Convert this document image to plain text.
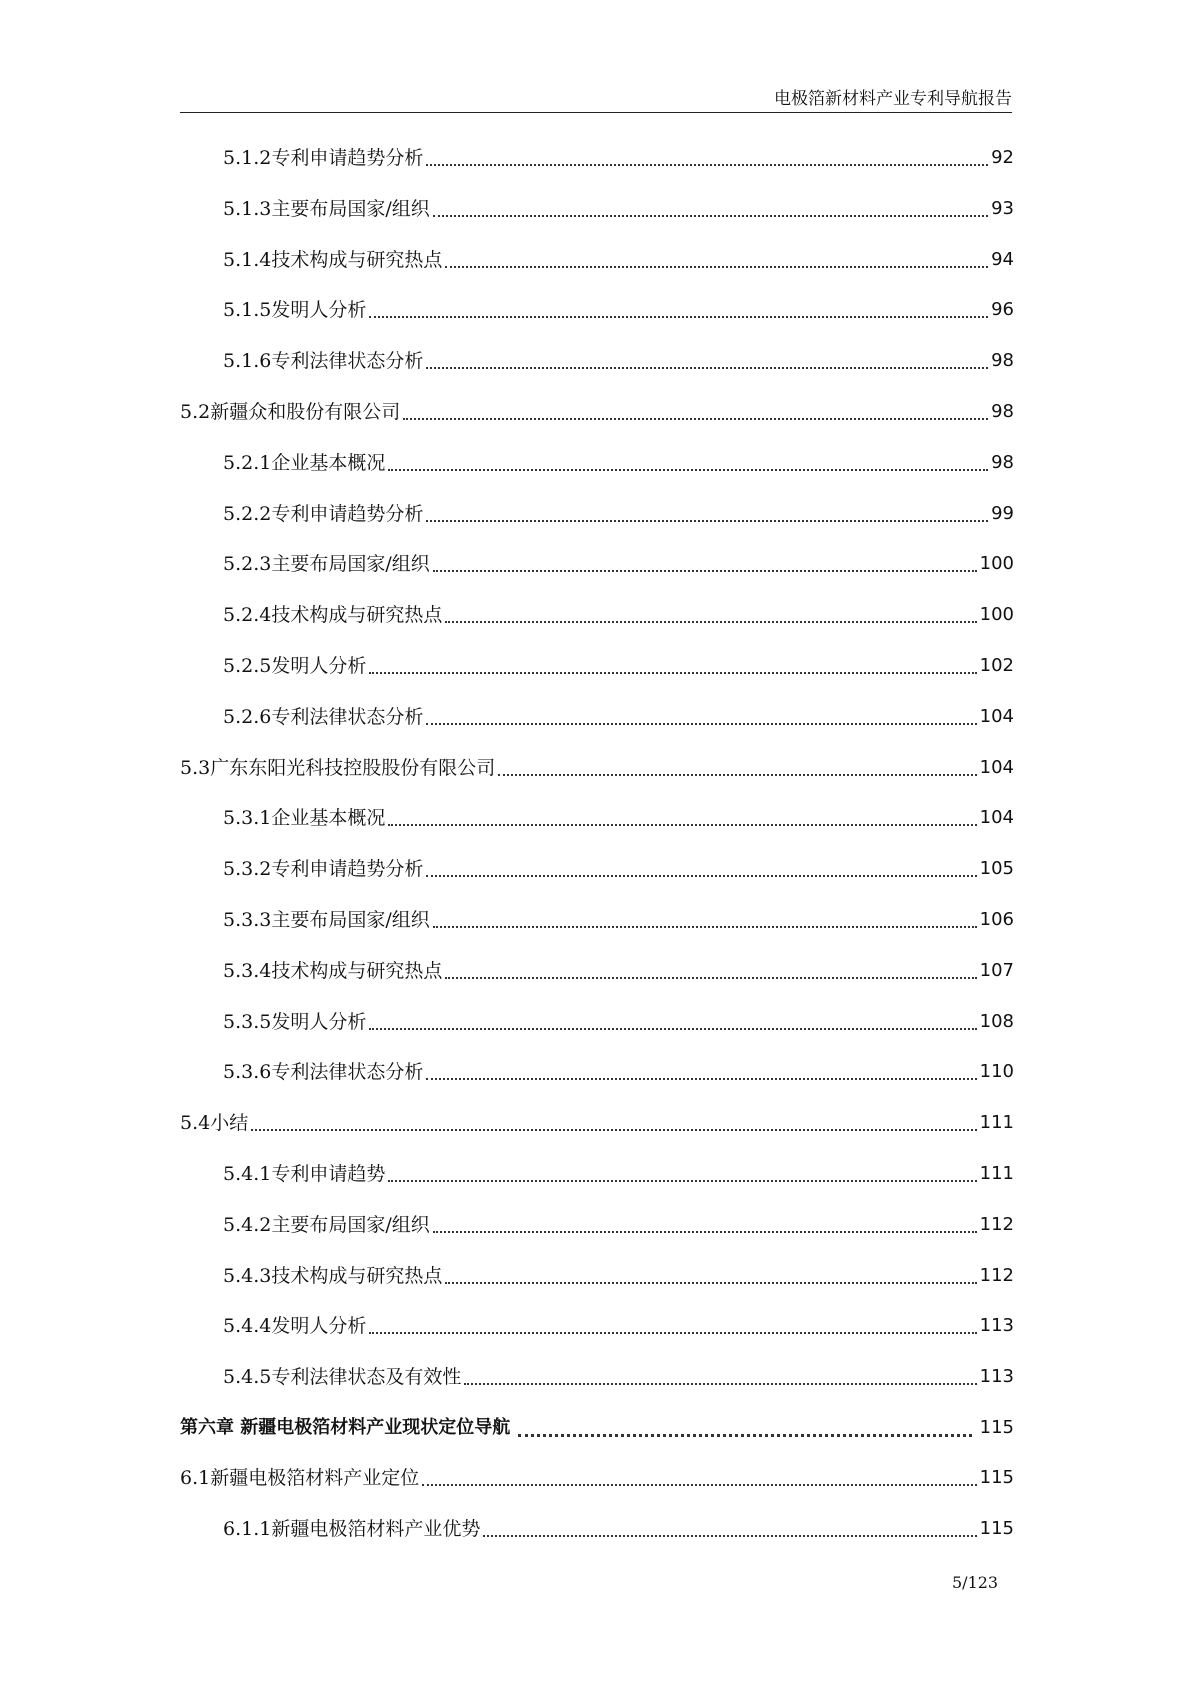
电极箔新材料产业专利导航报告
5.1.2专利申请趋势分析	92
5.1.3主要布局国家/组织	93
5.1.4技术构成与研究热点	94
5.1.5发明人分析	96
5.1.6专利法律状态分析	98
5.2新疆众和股份有限公司	98
5.2.1企业基本概况	98
5.2.2专利申请趋势分析	99
5.2.3主要布局国家/组织	100
5.2.4技术构成与研究热点	100
5.2.5发明人分析	102
5.2.6专利法律状态分析	104
5.3广东东阳光科技控股股份有限公司	104
5.3.1企业基本概况	104
5.3.2专利申请趋势分析	105
5.3.3主要布局国家/组织	106
5.3.4技术构成与研究热点	107
5.3.5发明人分析	108
5.3.6专利法律状态分析	110
5.4小结	111
5.4.1专利申请趋势	111
5.4.2主要布局国家/组织	112
5.4.3技术构成与研究热点	112
5.4.4发明人分析	113
5.4.5专利法律状态及有效性	113
第六章 新疆电极箔材料产业现状定位导航	115
6.1新疆电极箔材料产业定位	115
6.1.1新疆电极箔材料产业优势	115
5/123
